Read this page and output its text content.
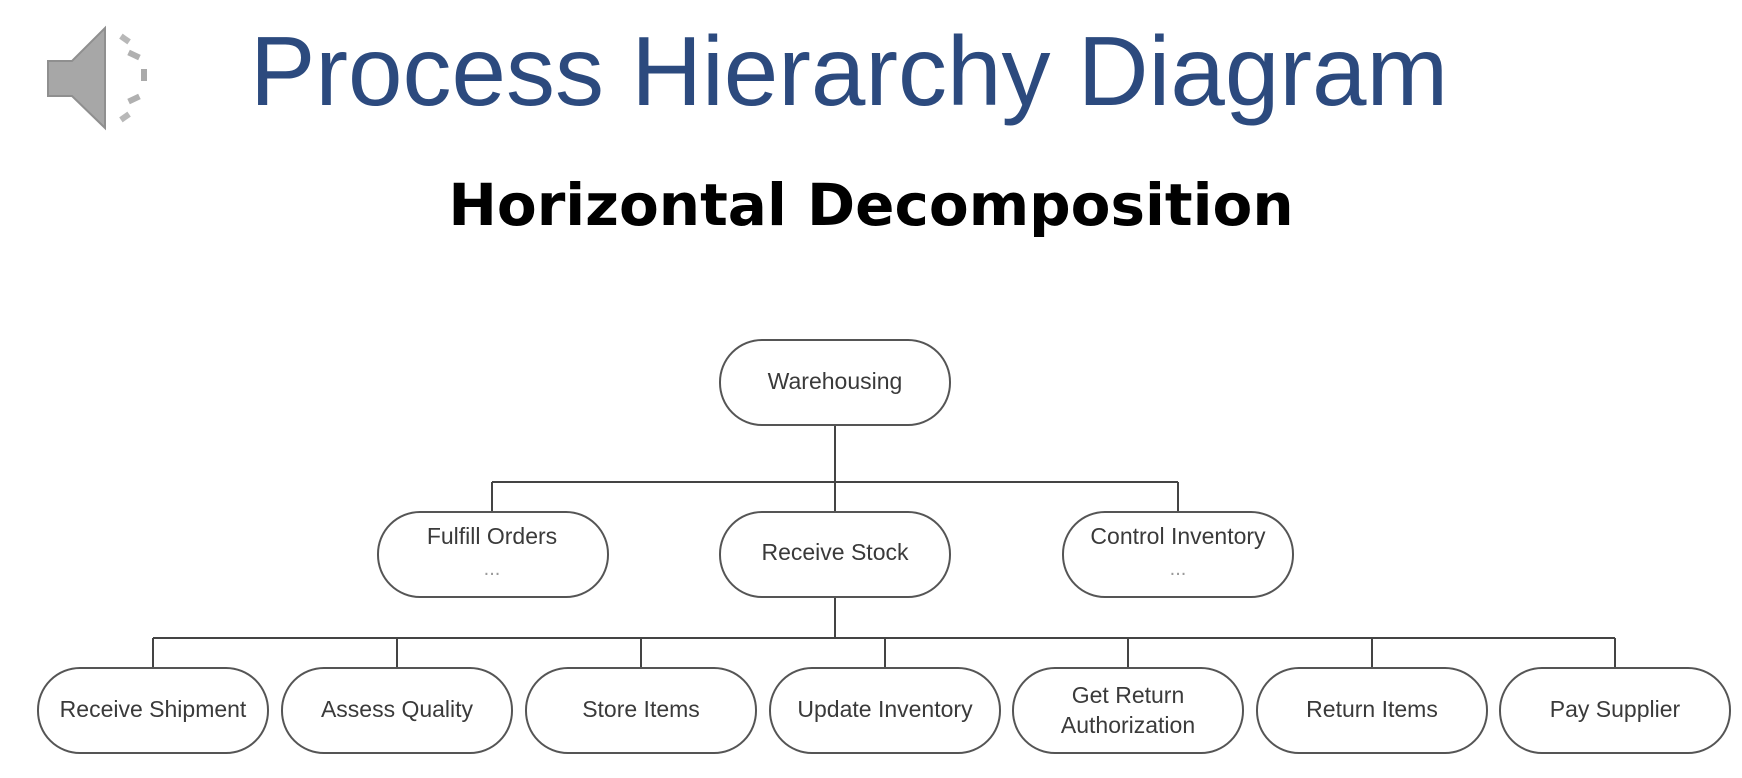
Process Hierarchy Diagram
Horizontal Decomposition
Warehousing
Fulfill Orders
...
Receive Stock
Control Inventory
...
Receive Shipment	Assess Quality	Store Items	Update Inventory
Get Return
Authorization
Return Items	Pay Supplier
